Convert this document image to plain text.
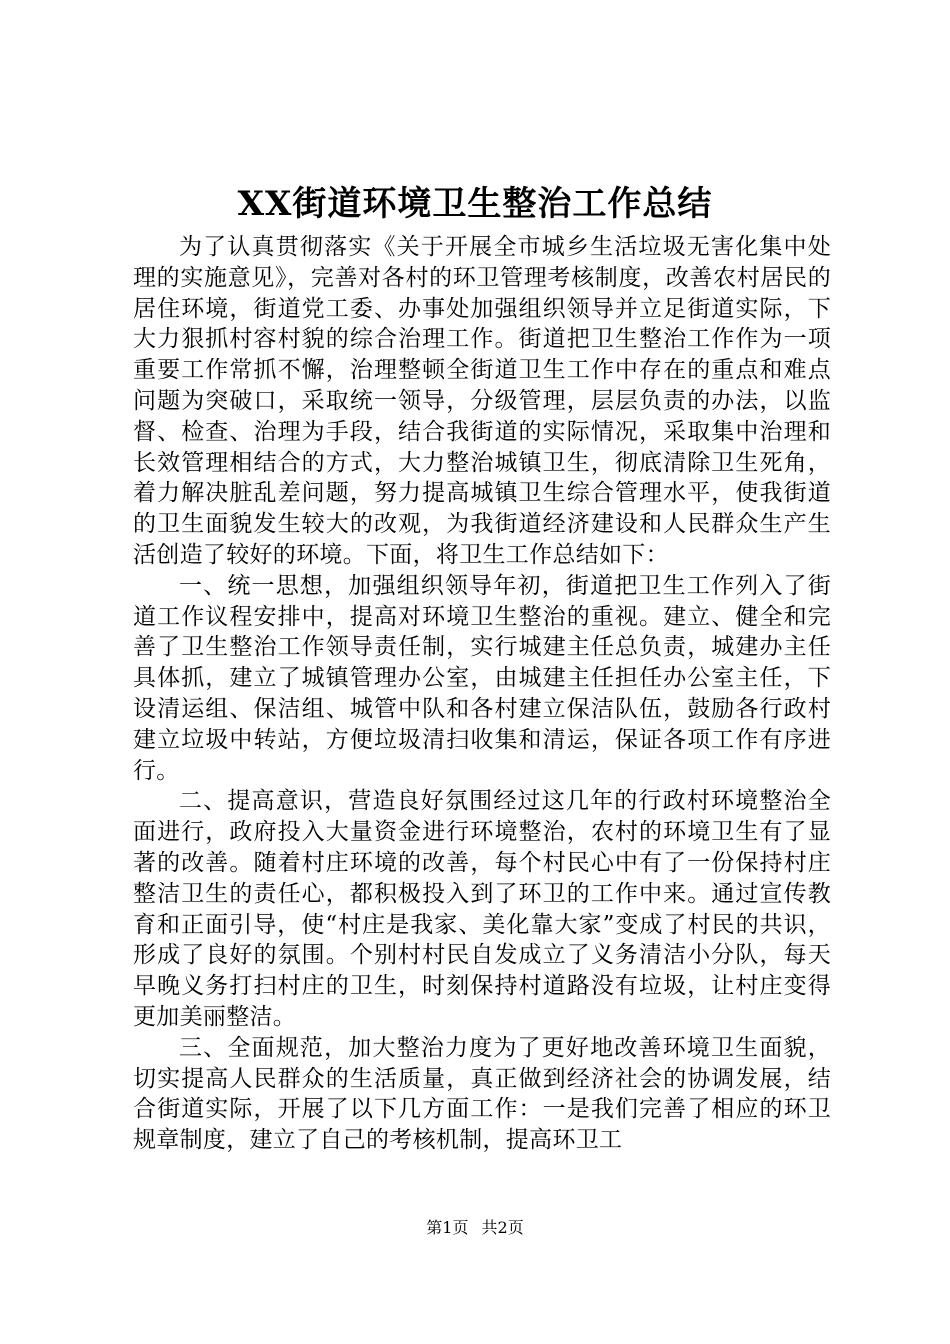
XX街道环境卫生整治工作总结

为了认真贯彻落实《关于开展全市城乡生活垃圾无害化集中处理的实施意见》，完善对各村的环卫管理考核制度，改善农村居民的居住环境，街道党工委、办事处加强组织领导并立足街道实际，下大力狠抓村容村貌的综合治理工作。街道把卫生整治工作作为一项重要工作常抓不懈，治理整顿全街道卫生工作中存在的重点和难点问题为突破口，采取统一领导，分级管理，层层负责的办法，以监督、检查、治理为手段，结合我街道的实际情况，采取集中治理和长效管理相结合的方式，大力整治城镇卫生，彻底清除卫生死角，着力解决脏乱差问题，努力提高城镇卫生综合管理水平，使我街道的卫生面貌发生较大的改观，为我街道经济建设和人民群众生产生活创造了较好的环境。下面，将卫生工作总结如下：

一、统一思想，加强组织领导年初，街道把卫生工作列入了街道工作议程安排中，提高对环境卫生整治的重视。建立、健全和完善了卫生整治工作领导责任制，实行城建主任总负责，城建办主任具体抓，建立了城镇管理办公室，由城建主任担任办公室主任，下设清运组、保洁组、城管中队和各村建立保洁队伍，鼓励各行政村建立垃圾中转站，方便垃圾清扫收集和清运，保证各项工作有序进行。

二、提高意识，营造良好氛围经过这几年的行政村环境整治全面进行，政府投入大量资金进行环境整治，农村的环境卫生有了显著的改善。随着村庄环境的改善，每个村民心中有了一份保持村庄整洁卫生的责任心，都积极投入到了环卫的工作中来。通过宣传教育和正面引导，使“村庄是我家、美化靠大家”变成了村民的共识，形成了良好的氛围。个别村村民自发成立了义务清洁小分队，每天早晚义务打扫村庄的卫生，时刻保持村道路没有垃圾，让村庄变得更加美丽整洁。

三、全面规范，加大整治力度为了更好地改善环境卫生面貌，切实提高人民群众的生活质量，真正做到经济社会的协调发展，结合街道实际，开展了以下几方面工作：一是我们完善了相应的环卫规章制度，建立了自己的考核机制，提高环卫工

第1页 共2页
